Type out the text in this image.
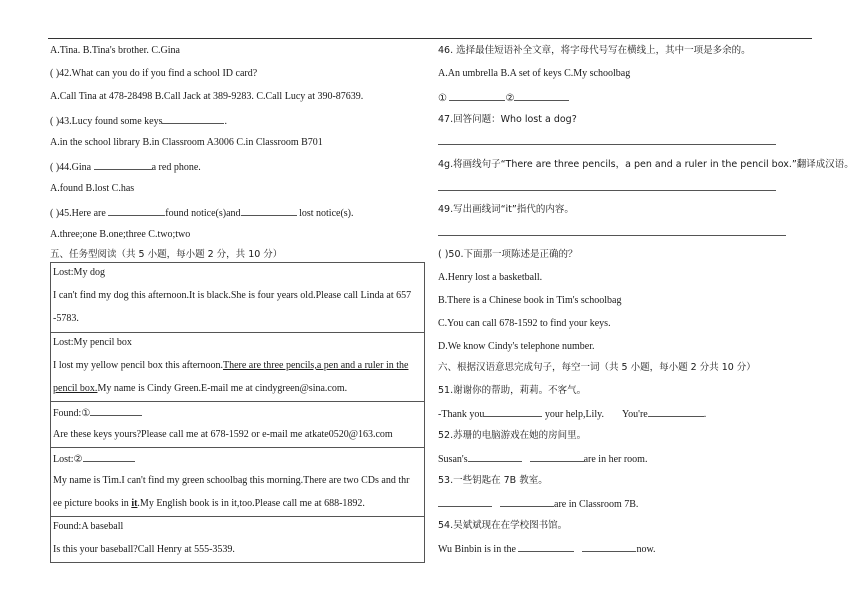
A.Tina. B.Tina's brother. C.Gina
( )42.What can you do if you find a school ID card?
A.Call Tina at 478-28498 B.Call Jack at 389-9283. C.Call Lucy at 390-87639.
( )43.Lucy found some keys	.
A.in the school library B.in Classroom A3006 C.in Classroom B701
( )44.Gina	a red phone.
A.found B.lost C.has
( )45.Here are	found notice(s)and	lost notice(s).
A.three;one B.one;three C.two;two
五、任务型阅读（共 5 小题，每小题 2 分，共 10 分）
Lost:My dog
I can't find my dog this afternoon.It is black.She is four years old.Please call Linda at 657
-5783.
Lost:My pencil box
I lost my yellow pencil box this afternoon.There are three pencils,a pen and a ruler in the
pencil box.My name is Cindy Green.E-mail me at cindygreen@sina.com.
Found:①
Are these keys yours?Please call me at 678-1592 or e-mail me atkate0520@163.com
Lost:②
My name is Tim.I can't find my green schoolbag this morning.There are two CDs and thr
ee picture books in it.My English book is in it,too.Please call me at 688-1892.
Found:A baseball
Is this your baseball?Call Henry at 555-3539.
46. 选择最佳短语补全文章，将字母代号写在横线上，其中一项是多余的。
A.An umbrella B.A set of keys C.My schoolbag
①	②
47.回答问题：Who lost a dog?
4g.将画线句子“There are three pencils，a pen and a ruler in the pencil box.”翻译成汉语。
49.写出画线词“it”指代的内容。
( )50.下面那一项陈述是正确的？
A.Henry lost a basketball.
B.There is a Chinese book in Tim's schoolbag
C.You can call 678-1592 to find your keys.
D.We know Cindy's telephone number.
六、根据汉语意思完成句子，每空一词（共 5 小题，每小题 2 分共 10 分）
51.谢谢你的帮助，莉莉。不客气。
-Thank you	your help,Lily. You're	.
52.苏珊的电脑游戏在她的房间里。
Susan's	are in her room.
53.一些钥匙在 7B 教室。
are in Classroom 7B.
54.吴斌斌现在在学校图书馆。
Wu Binbin is in the	now.
